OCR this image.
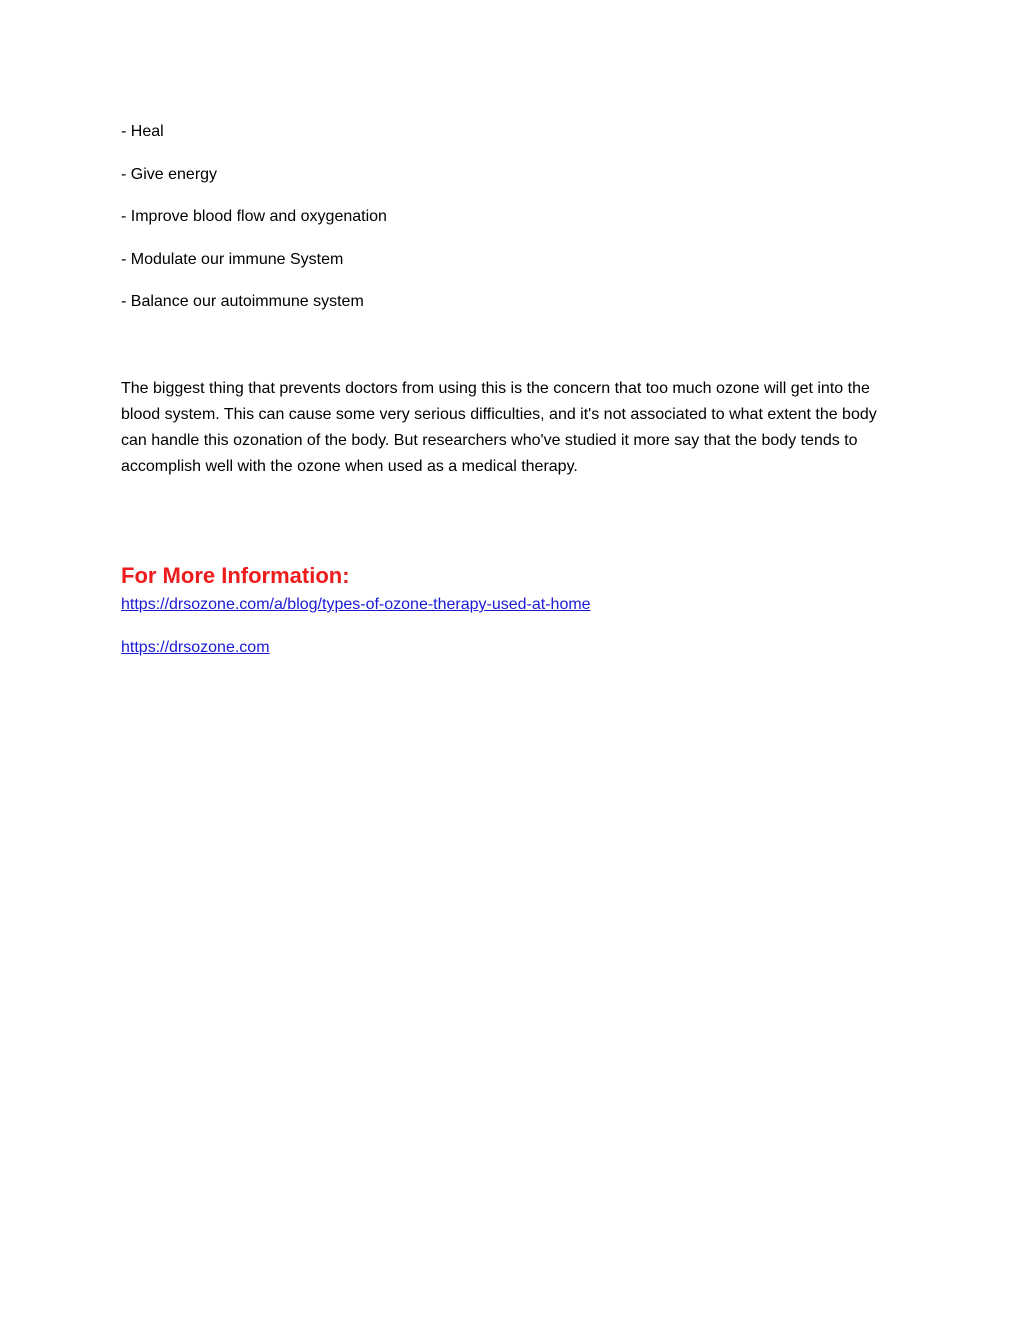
- Heal
- Give energy
- Improve blood flow and oxygenation
- Modulate our immune System
- Balance our autoimmune system
The biggest thing that prevents doctors from using this is the concern that too much ozone will get into the blood system. This can cause some very serious difficulties, and it's not associated to what extent the body can handle this ozonation of the body. But researchers who've studied it more say that the body tends to accomplish well with the ozone when used as a medical therapy.
For More Information:
https://drsozone.com/a/blog/types-of-ozone-therapy-used-at-home
https://drsozone.com
